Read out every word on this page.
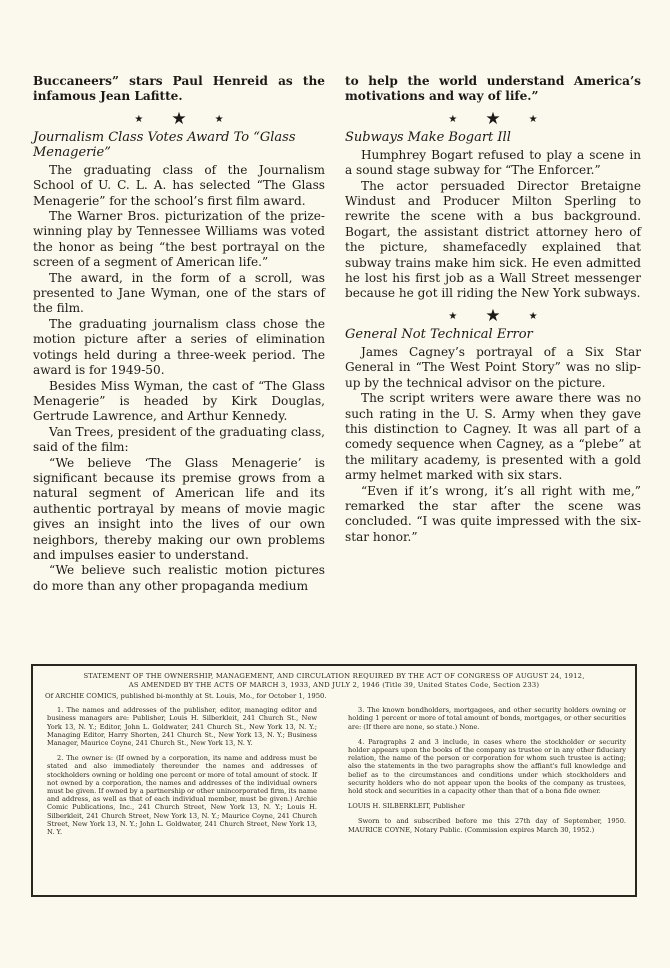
Buccaneers” stars Paul Henreid as the infamous Jean Lafitte.

★ ★	★
Journalism Class Votes Award To “Glass Menagerie”

The graduating class of the Journalism School of U. C. L. A. has selected “The Glass Menagerie” for the school’s first film award.

The Warner Bros. picturization of the prize-winning play by Tennessee Williams was voted the honor as being “the best portrayal on the screen of a segment of American life.”

The award, in the form of a scroll, was presented to Jane Wyman, one of the stars of the film.

The graduating journalism class chose the motion picture after a series of elimination votings held during a three-week period. The award is for 1949-50.

Besides Miss Wyman, the cast of “The Glass Menagerie” is headed by Kirk Douglas, Gertrude Lawrence, and Arthur Kennedy.

Van Trees, president of the graduating class, said of the film:

“We believe ‘The Glass Menagerie’ is significant because its premise grows from a natural segment of American life and its authentic portrayal by means of movie magic gives an insight into the lives of our own neighbors, thereby making our own problems and impulses easier to understand.

“We believe such realistic motion pictures do more than any other propaganda medium

to help the world understand America’s motivations and way of life.”

★ ★	★
Subways Make Bogart Ill

Humphrey Bogart refused to play a scene in a sound stage subway for “The Enforcer.”

The actor persuaded Director Bretaigne Windust and Producer Milton Sperling to rewrite the scene with a bus background. Bogart, the assistant district attorney hero of the picture, shamefacedly explained that subway trains make him sick. He even admitted he lost his first job as a Wall Street messenger because he got ill riding the New York subways.

★ ★	★
General Not Technical Error

James Cagney’s portrayal of a Six Star General in “The West Point Story” was no slip-up by the technical advisor on the picture.

The script writers were aware there was no such rating in the U. S. Army when they gave this distinction to Cagney. It was all part of a comedy sequence when Cagney, as a “plebe” at the military academy, is presented with a gold army helmet marked with six stars.

“Even if it’s wrong, it’s all right with me,” remarked the star after the scene was concluded. “I was quite impressed with the six-star honor.”

STATEMENT OF THE OWNERSHIP, MANAGEMENT, AND CIRCULATION REQUIRED BY THE ACT OF CONGRESS OF AUGUST 24, 1912,
AS AMENDED BY THE ACTS OF MARCH 3, 1933, AND JULY 2, 1946 (Title 39, United States Code, Section 233)
Of ARCHIE COMICS, published bi-monthly at St. Louis, Mo., for October 1, 1950.

1. The names and addresses of the publisher, editor, managing editor and business managers are: Publisher, Louis H. Silberkleit, 241 Church St., New York 13, N. Y.; Editor, John L. Goldwater, 241 Church St., New York 13, N. Y.; Managing Editor, Harry Shorten, 241 Church St., New York 13, N. Y.; Business Manager, Maurice Coyne, 241 Church St., New York 13, N. Y.

2. The owner is: (If owned by a corporation, its name and address must be stated and also immediately thereunder the names and addresses of stockholders owning or holding one percent or more of total amount of stock. If not owned by a corporation, the names and addresses of the individual owners must be given. If owned by a partnership or other unincorporated firm, its name and address, as well as that of each individual member, must be given.) Archie Comic Publications, Inc., 241 Church Street, New York 13, N. Y.; Louis H. Silberkleit, 241 Church Street, New York 13, N. Y.; Maurice Coyne, 241 Church Street, New York 13, N. Y.; John L. Goldwater, 241 Church Street, New York 13, N. Y.

3. The known bondholders, mortgagees, and other security holders owning or holding 1 percent or more of total amount of bonds, mortgages, or other securities are: (If there are none, so state.) None.

4. Paragraphs 2 and 3 include, in cases where the stockholder or security holder appears upon the books of the company as trustee or in any other fiduciary relation, the name of the person or corporation for whom such trustee is acting; also the statements in the two paragraphs show the affiant's full knowledge and belief as to the circumstances and conditions under which stockholders and security holders who do not appear upon the books of the company as trustees, hold stock and securities in a capacity other than that of a bona fide owner.

LOUIS H. SILBERKLEIT, Publisher

Sworn to and subscribed before me this 27th day of September, 1950. MAURICE COYNE, Notary Public. (Commission expires March 30, 1952.)
